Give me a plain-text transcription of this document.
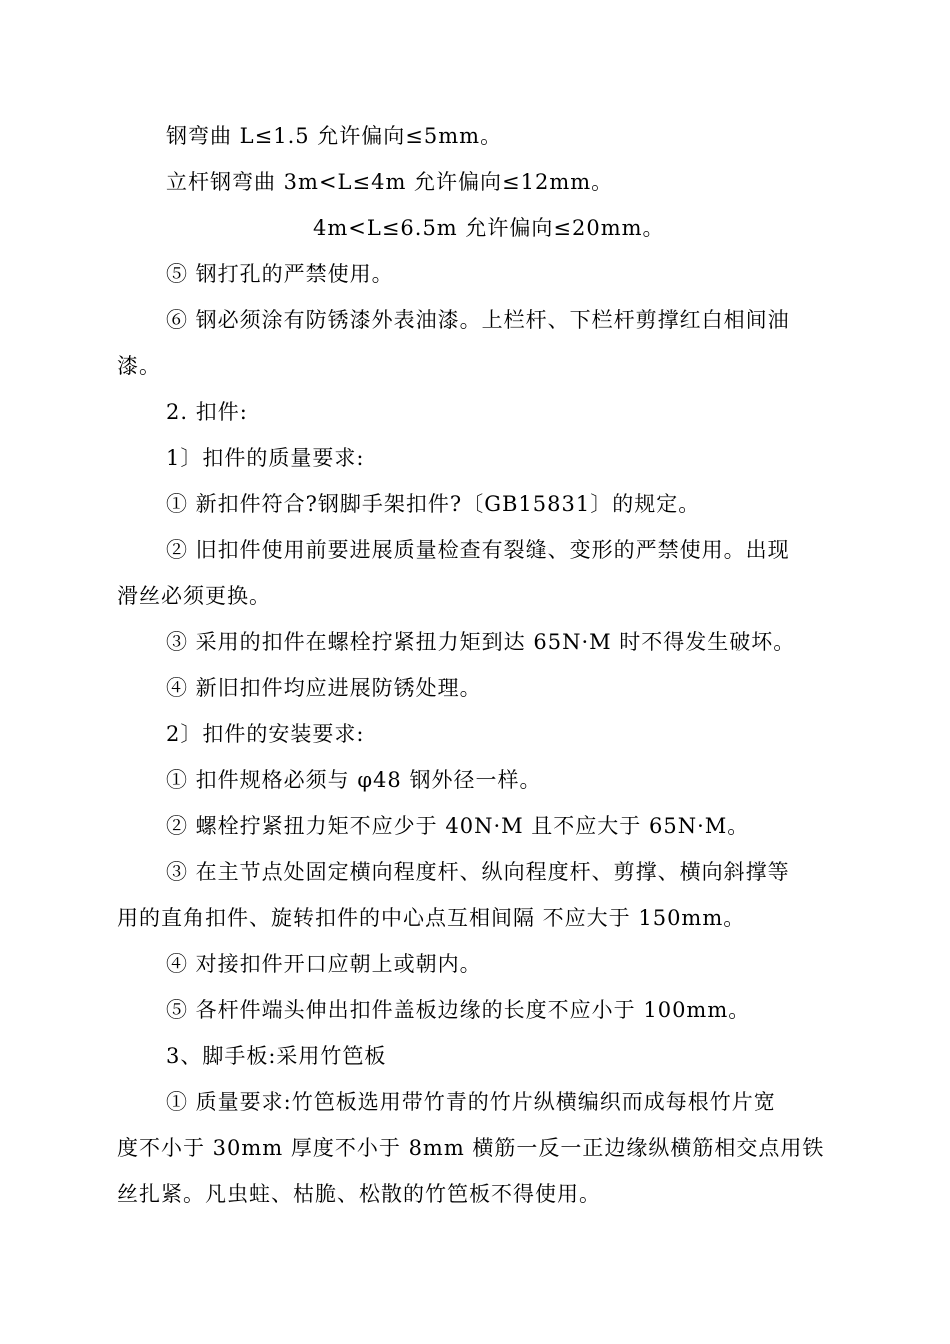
钢弯曲 L≤1.5 允许偏向≤5mm。
立杆钢弯曲 3m<L≤4m 允许偏向≤12mm。
4m<L≤6.5m 允许偏向≤20mm。
⑤ 钢打孔的严禁使用。
⑥ 钢必须涂有防锈漆外表油漆。上栏杆、下栏杆剪撑红白相间油
漆。
2. 扣件:
1〕扣件的质量要求:
① 新扣件符合?钢脚手架扣件?〔GB15831〕的规定。
② 旧扣件使用前要进展质量检查有裂缝、变形的严禁使用。出现
滑丝必须更换。
③ 采用的扣件在螺栓拧紧扭力矩到达 65N·M 时不得发生破坏。
④ 新旧扣件均应进展防锈处理。
2〕扣件的安装要求:
① 扣件规格必须与 φ48 钢外径一样。
② 螺栓拧紧扭力矩不应少于 40N·M 且不应大于 65N·M。
③ 在主节点处固定横向程度杆、纵向程度杆、剪撑、横向斜撑等
用的直角扣件、旋转扣件的中心点互相间隔 不应大于 150mm。
④ 对接扣件开口应朝上或朝内。
⑤ 各杆件端头伸出扣件盖板边缘的长度不应小于 100mm。
3、脚手板:采用竹笆板
① 质量要求:竹笆板选用带竹青的竹片纵横编织而成每根竹片宽
度不小于 30mm 厚度不小于 8mm 横筋一反一正边缘纵横筋相交点用铁
丝扎紧。凡虫蛀、枯脆、松散的竹笆板不得使用。
